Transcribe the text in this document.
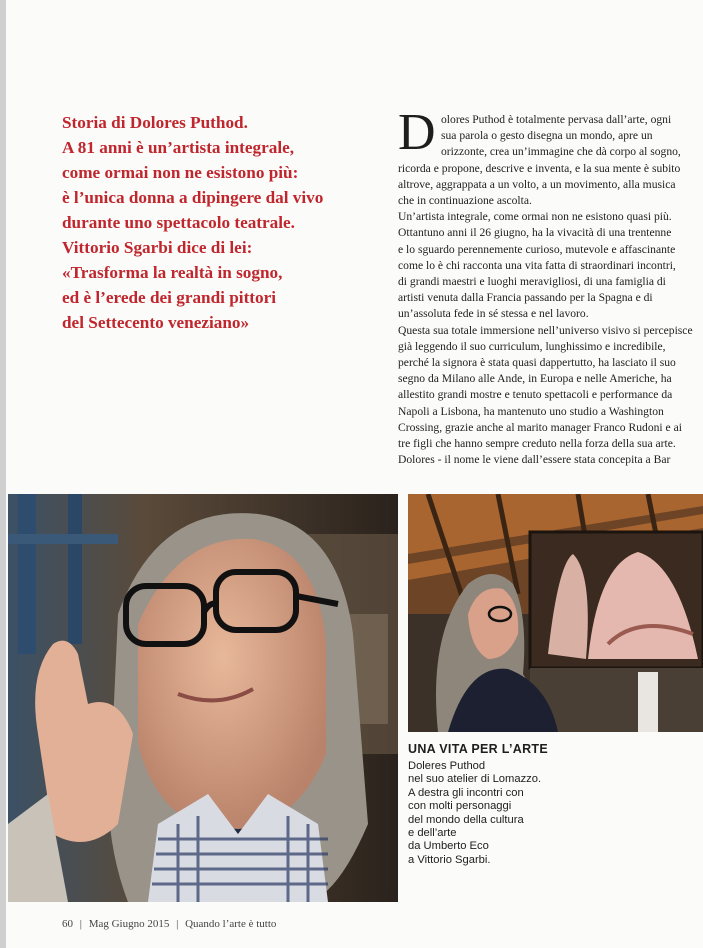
Storia di Dolores Puthod.
A 81 anni è un’artista integrale,
come ormai non ne esistono più:
è l’unica donna a dipingere dal vivo
durante uno spettacolo teatrale.
Vittorio Sgarbi dice di lei:
«Trasforma la realtà in sogno,
ed è l’erede dei grandi pittori
del Settecento veneziano»
D olores Puthod è totalmente pervasa dall’arte, ogni

sua parola o gesto disegna un mondo, apre un

orizzonte, crea un’immagine che dà corpo al sogno,

ricorda e propone, descrive e inventa, e la sua mente è subito

altrove, aggrappata a un volto, a un movimento, alla musica

che in continuazione ascolta.

Un’artista integrale, come ormai non ne esistono quasi più.

Ottantuno anni il 26 giugno, ha la vivacità di una trentenne

e lo sguardo perennemente curioso, mutevole e affascinante

come lo è chi racconta una vita fatta di straordinari incontri,

di grandi maestri e luoghi meravigliosi, di una famiglia di

artisti venuta dalla Francia passando per la Spagna e di

un’assoluta fede in sé stessa e nel lavoro.

Questa sua totale immersione nell’universo visivo si percepisce

già leggendo il suo curriculum, lunghissimo e incredibile,

perché la signora è stata quasi dappertutto, ha lasciato il suo

segno da Milano alle Ande, in Europa e nelle Americhe, ha

allestito grandi mostre e tenuto spettacoli e performance da

Napoli a Lisbona, ha mantenuto uno studio a Washington

Crossing, grazie anche al marito manager Franco Rudoni e ai

tre figli che hanno sempre creduto nella forza della sua arte.

Dolores - il nome le viene dall’essere stata concepita a Bar

UNA VITA PER L’ARTE

Doleres Puthod

nel suo atelier di Lomazzo.

A destra gli incontri con

con molti personaggi

del mondo della cultura

e dell’arte

da Umberto Eco

a Vittorio Sgarbi.

60 | Mag Giugno 2015 | Quando l’arte è tutto
